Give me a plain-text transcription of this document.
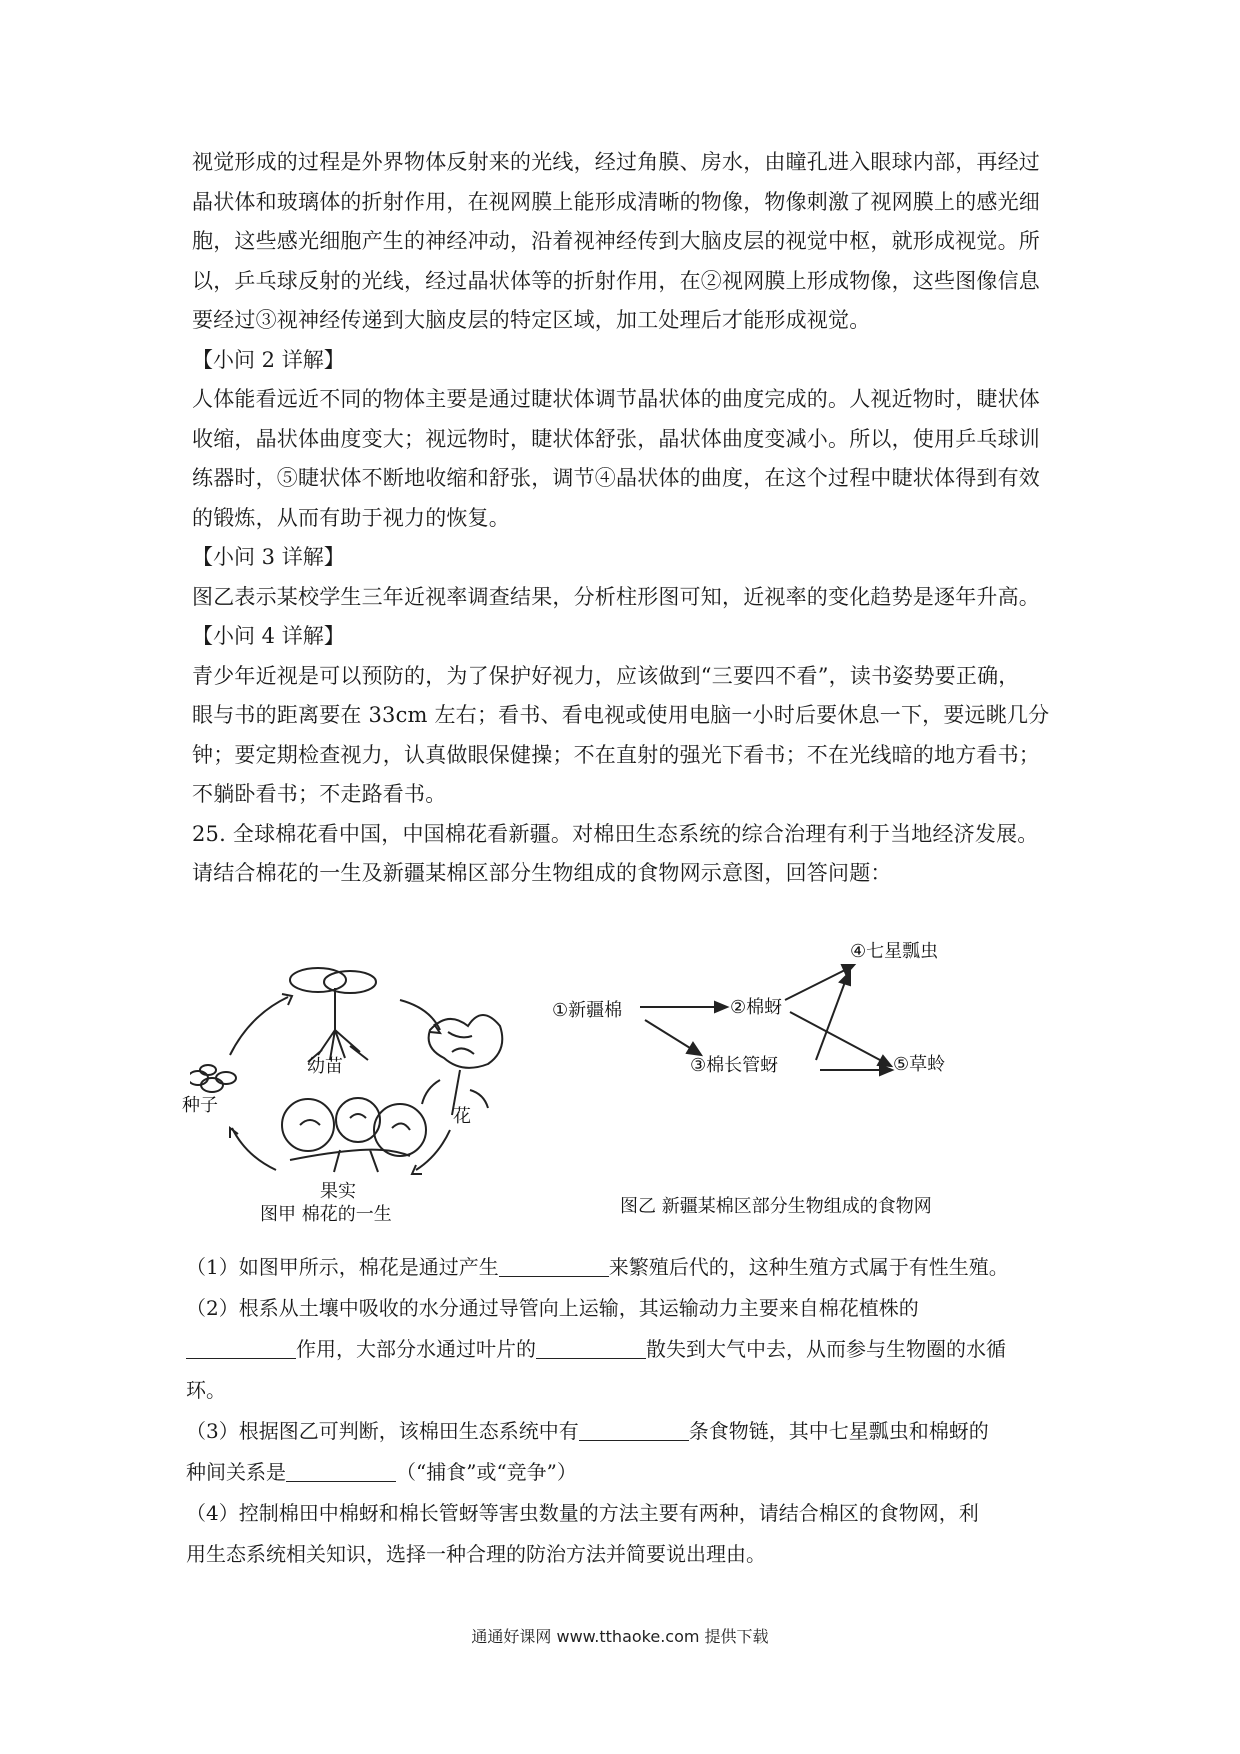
视觉形成的过程是外界物体反射来的光线，经过角膜、房水，由瞳孔进入眼球内部，再经过

晶状体和玻璃体的折射作用，在视网膜上能形成清晰的物像，物像刺激了视网膜上的感光细

胞，这些感光细胞产生的神经冲动，沿着视神经传到大脑皮层的视觉中枢，就形成视觉。所

以，乒乓球反射的光线，经过晶状体等的折射作用，在②视网膜上形成物像，这些图像信息

要经过③视神经传递到大脑皮层的特定区域，加工处理后才能形成视觉。

【小问 2 详解】

人体能看远近不同的物体主要是通过睫状体调节晶状体的曲度完成的。人视近物时，睫状体

收缩，晶状体曲度变大；视远物时，睫状体舒张，晶状体曲度变减小。所以，使用乒乓球训

练器时，⑤睫状体不断地收缩和舒张，调节④晶状体的曲度，在这个过程中睫状体得到有效

的锻炼，从而有助于视力的恢复。

【小问 3 详解】

图乙表示某校学生三年近视率调查结果，分析柱形图可知，近视率的变化趋势是逐年升高。

【小问 4 详解】

青少年近视是可以预防的，为了保护好视力，应该做到“三要四不看”，读书姿势要正确，

眼与书的距离要在 33cm 左右；看书、看电视或使用电脑一小时后要休息一下，要远眺几分

钟；要定期检查视力，认真做眼保健操；不在直射的强光下看书；不在光线暗的地方看书；

不躺卧看书；不走路看书。

25. 全球棉花看中国，中国棉花看新疆。对棉田生态系统的综合治理有利于当地经济发展。

请结合棉花的一生及新疆某棉区部分生物组成的食物网示意图，回答问题：

幼苗
种子
花
果实
图甲 棉花的一生
①新疆棉	②棉蚜
③棉长管蚜
④七星瓢虫
⑤草蛉
图乙 新疆某棉区部分生物组成的食物网

（1）如图甲所示，棉花是通过产生	来繁殖后代的，这种生殖方式属于有性生殖。

（2）根系从土壤中吸收的水分通过导管向上运输，其运输动力主要来自棉花植株的

作用，大部分水通过叶片的	散失到大气中去，从而参与生物圈的水循

环。

（3）根据图乙可判断，该棉田生态系统中有	条食物链，其中七星瓢虫和棉蚜的

种间关系是	（“捕食”或“竞争”）

（4）控制棉田中棉蚜和棉长管蚜等害虫数量的方法主要有两种，请结合棉区的食物网，利

用生态系统相关知识，选择一种合理的防治方法并简要说出理由。

通通好课网 www.tthaoke.com 提供下载
